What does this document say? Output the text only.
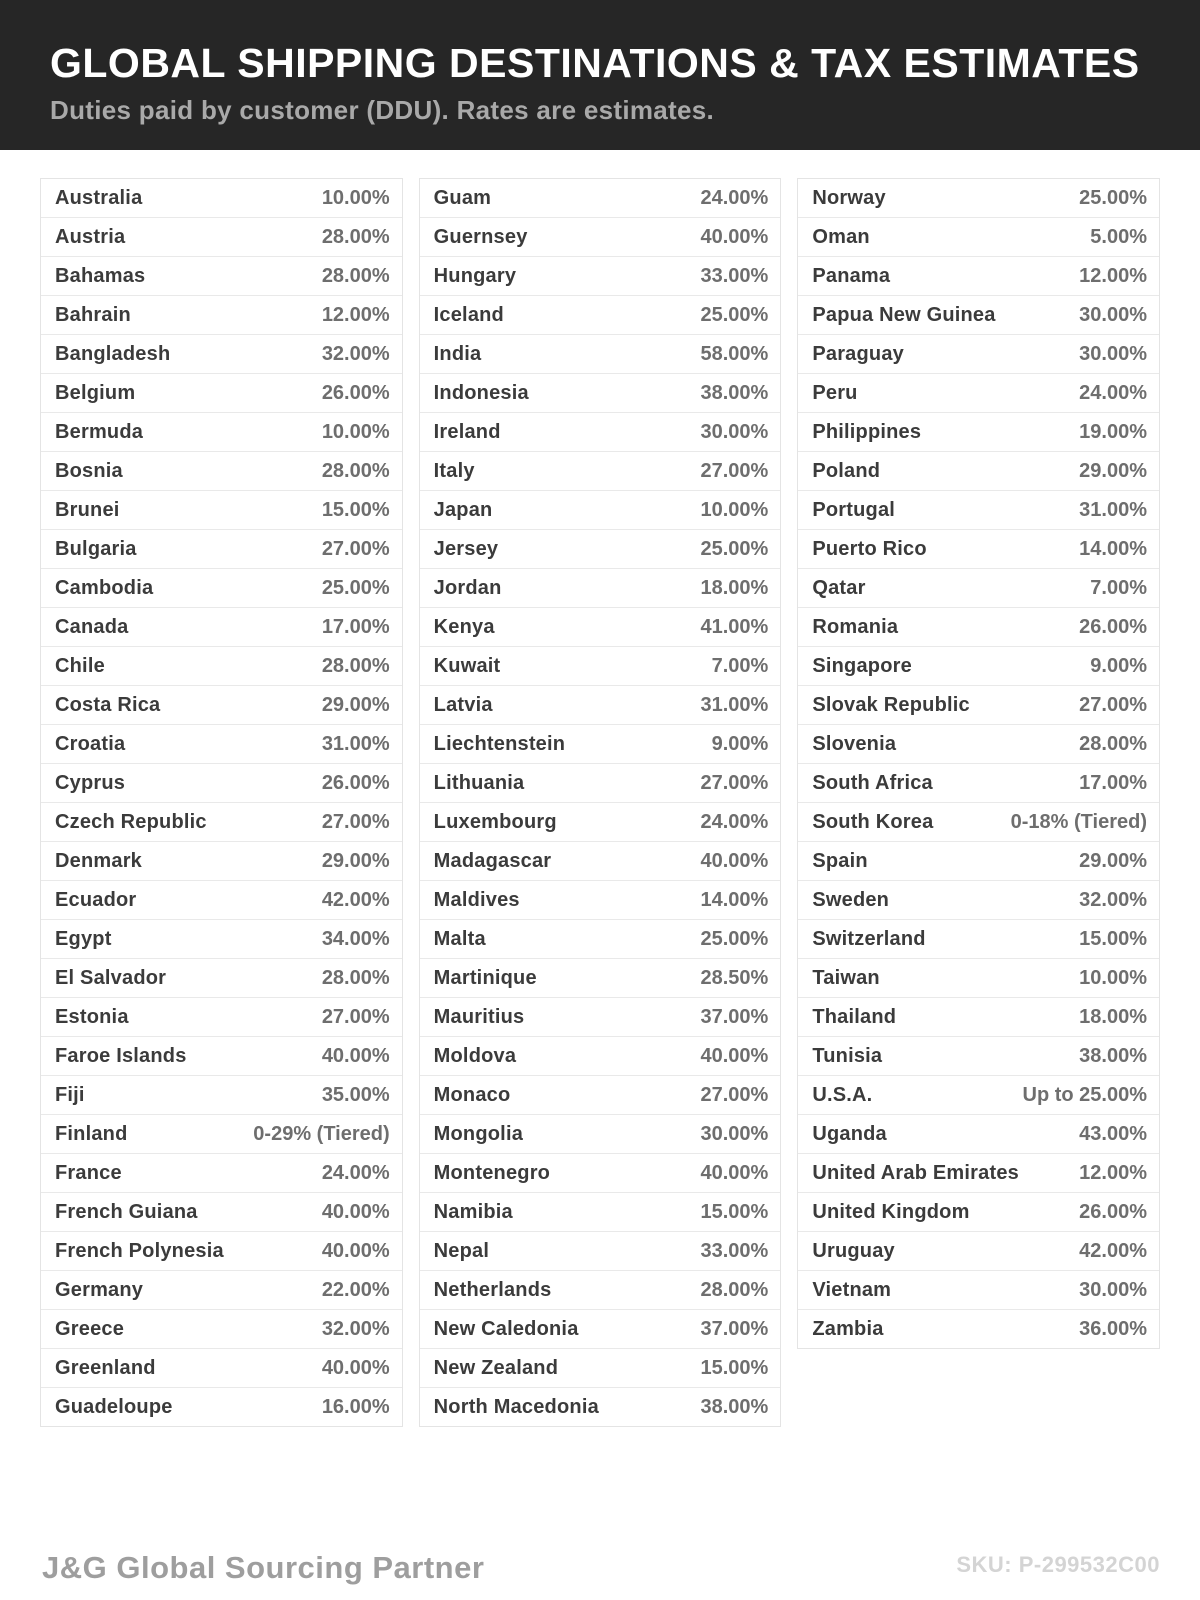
GLOBAL SHIPPING DESTINATIONS & TAX ESTIMATES
Duties paid by customer (DDU). Rates are estimates.
Australia	10.00%
Austria	28.00%
Bahamas	28.00%
Bahrain	12.00%
Bangladesh	32.00%
Belgium	26.00%
Bermuda	10.00%
Bosnia	28.00%
Brunei	15.00%
Bulgaria	27.00%
Cambodia	25.00%
Canada	17.00%
Chile	28.00%
Costa Rica	29.00%
Croatia	31.00%
Cyprus	26.00%
Czech Republic	27.00%
Denmark	29.00%
Ecuador	42.00%
Egypt	34.00%
El Salvador	28.00%
Estonia	27.00%
Faroe Islands	40.00%
Fiji	35.00%
Finland	0-29% (Tiered)
France	24.00%
French Guiana	40.00%
French Polynesia	40.00%
Germany	22.00%
Greece	32.00%
Greenland	40.00%
Guadeloupe	16.00%
Guam	24.00%
Guernsey	40.00%
Hungary	33.00%
Iceland	25.00%
India	58.00%
Indonesia	38.00%
Ireland	30.00%
Italy	27.00%
Japan	10.00%
Jersey	25.00%
Jordan	18.00%
Kenya	41.00%
Kuwait	7.00%
Latvia	31.00%
Liechtenstein	9.00%
Lithuania	27.00%
Luxembourg	24.00%
Madagascar	40.00%
Maldives	14.00%
Malta	25.00%
Martinique	28.50%
Mauritius	37.00%
Moldova	40.00%
Monaco	27.00%
Mongolia	30.00%
Montenegro	40.00%
Namibia	15.00%
Nepal	33.00%
Netherlands	28.00%
New Caledonia	37.00%
New Zealand	15.00%
North Macedonia	38.00%
Norway	25.00%
Oman	5.00%
Panama	12.00%
Papua New Guinea	30.00%
Paraguay	30.00%
Peru	24.00%
Philippines	19.00%
Poland	29.00%
Portugal	31.00%
Puerto Rico	14.00%
Qatar	7.00%
Romania	26.00%
Singapore	9.00%
Slovak Republic	27.00%
Slovenia	28.00%
South Africa	17.00%
South Korea	0-18% (Tiered)
Spain	29.00%
Sweden	32.00%
Switzerland	15.00%
Taiwan	10.00%
Thailand	18.00%
Tunisia	38.00%
U.S.A.	Up to 25.00%
Uganda	43.00%
United Arab Emirates	12.00%
United Kingdom	26.00%
Uruguay	42.00%
Vietnam	30.00%
Zambia	36.00%
J&G Global Sourcing Partner	SKU: P-299532C00
